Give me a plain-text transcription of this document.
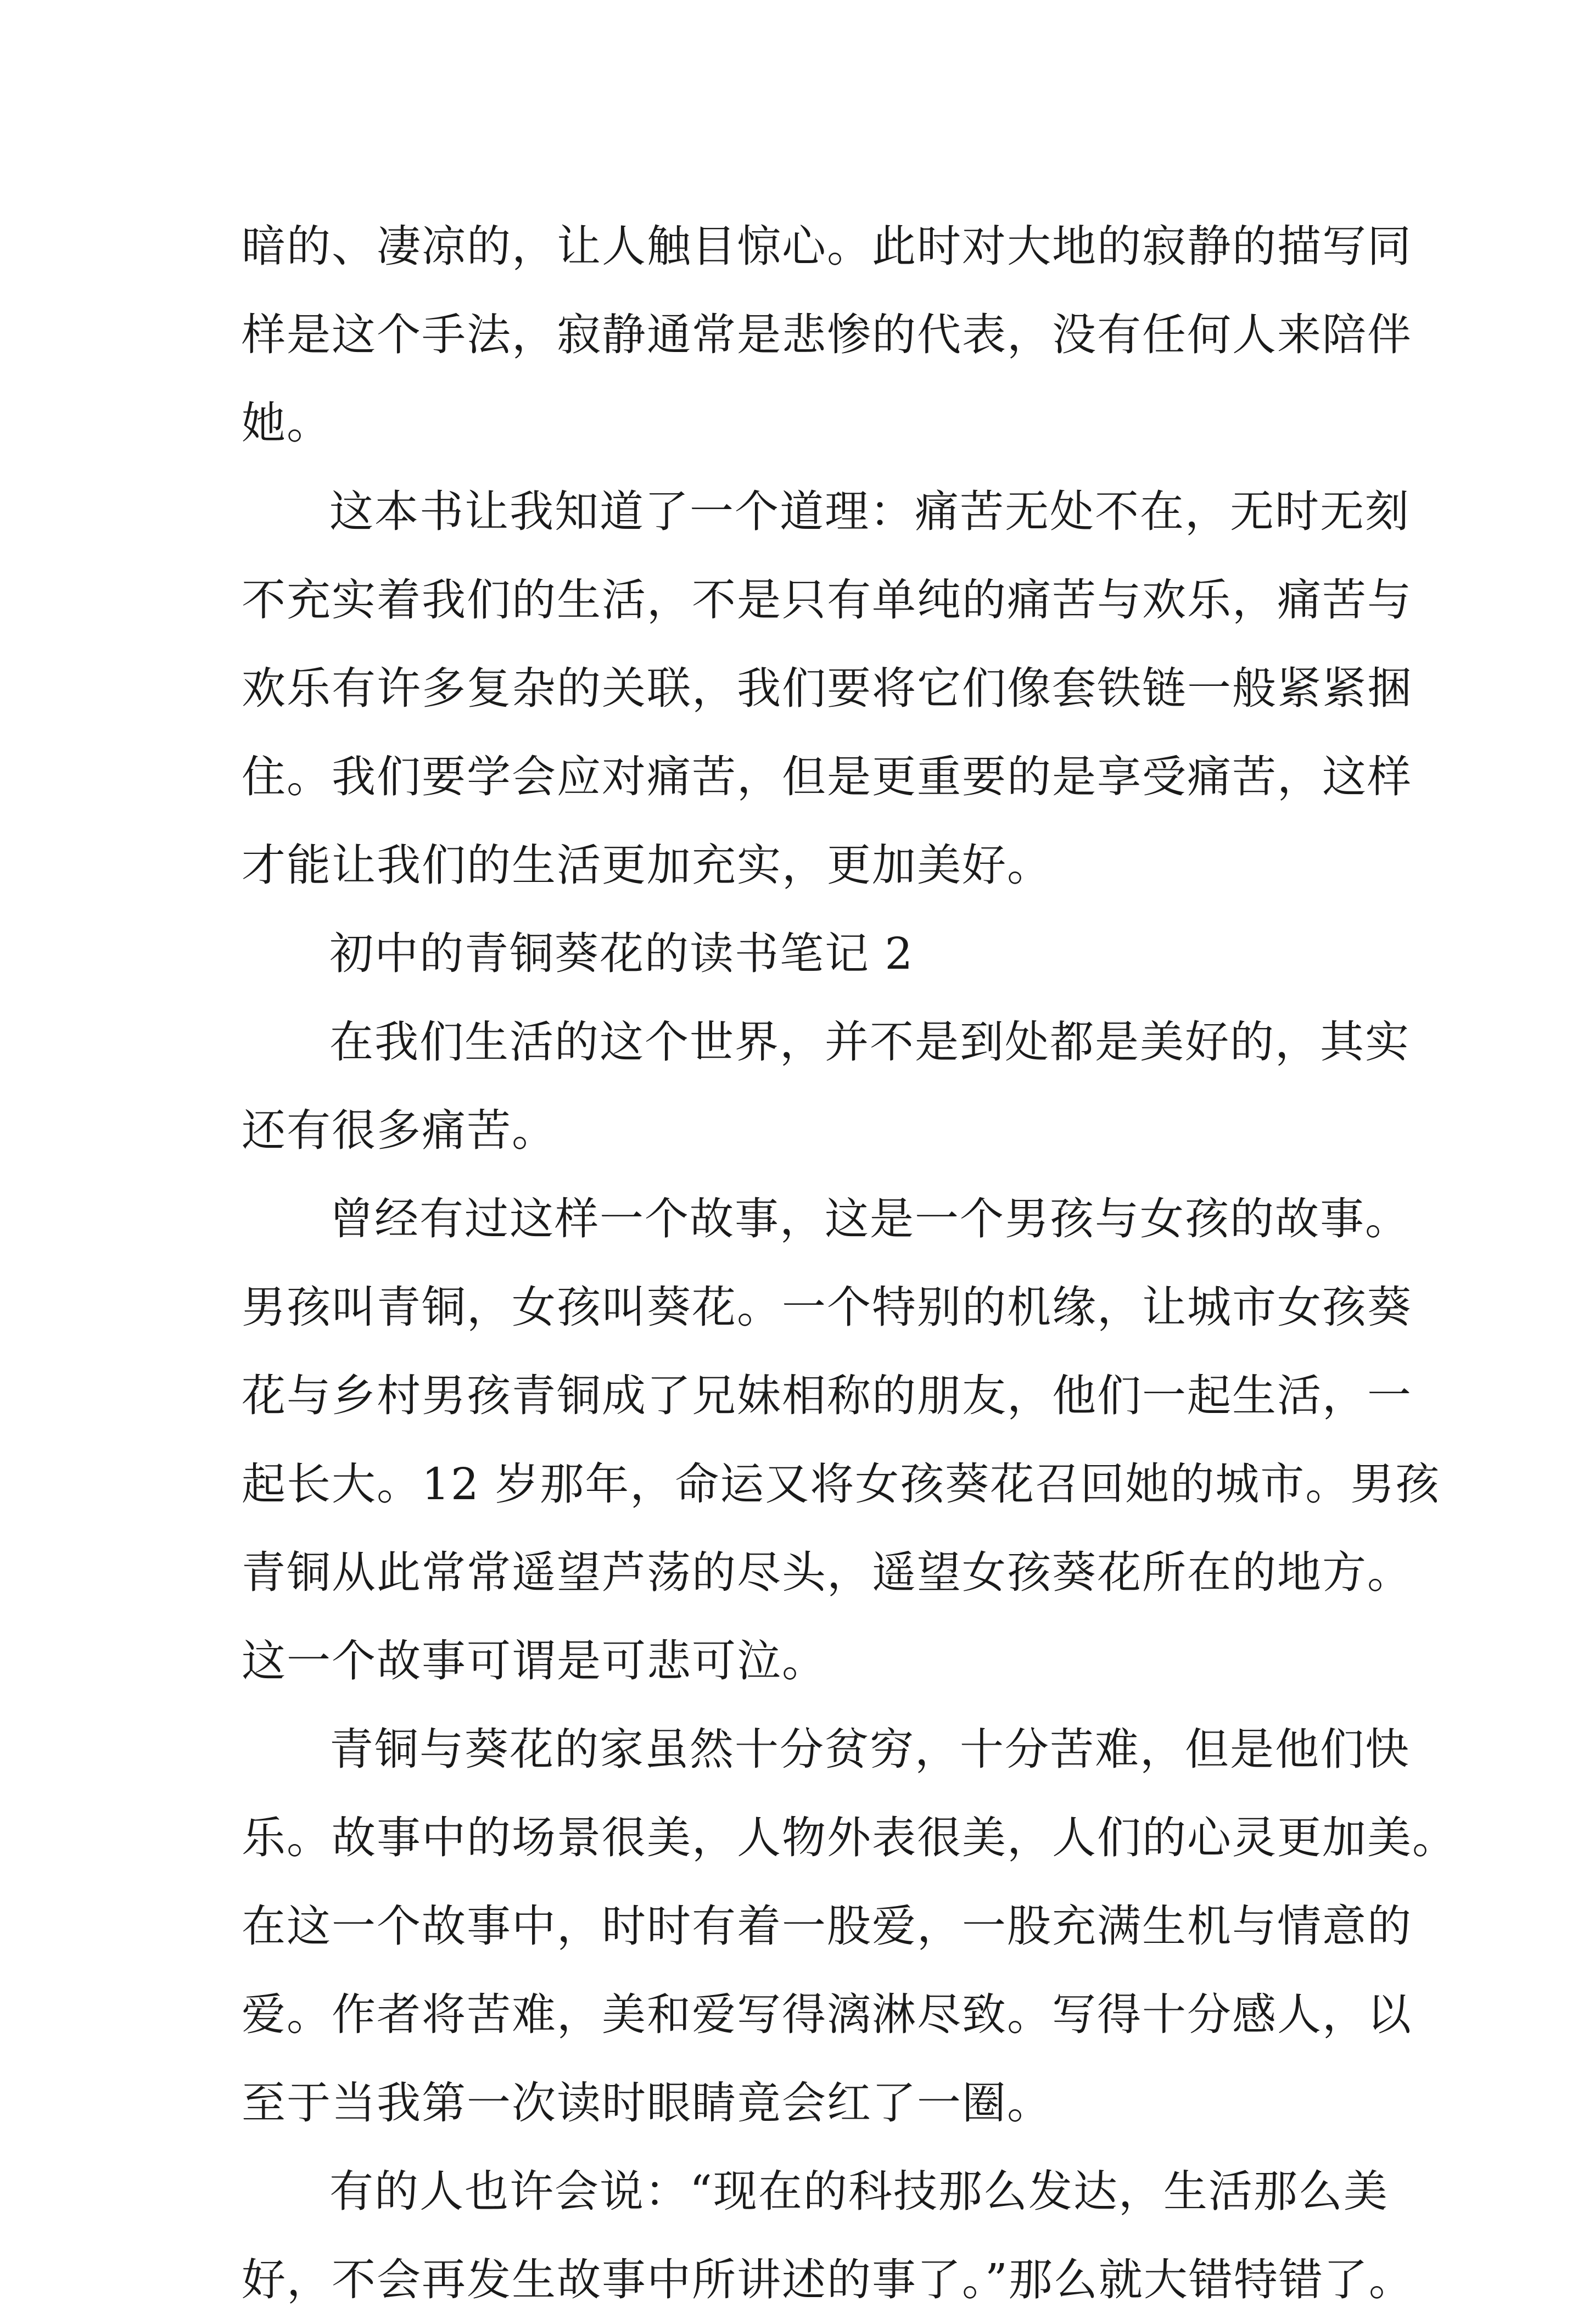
暗的、凄凉的，让人触目惊心。此时对大地的寂静的描写同
样是这个手法，寂静通常是悲惨的代表，没有任何人来陪伴
她。
这本书让我知道了一个道理：痛苦无处不在，无时无刻
不充实着我们的生活，不是只有单纯的痛苦与欢乐，痛苦与
欢乐有许多复杂的关联，我们要将它们像套铁链一般紧紧捆
住。我们要学会应对痛苦，但是更重要的是享受痛苦，这样
才能让我们的生活更加充实，更加美好。
初中的青铜葵花的读书笔记 2
在我们生活的这个世界，并不是到处都是美好的，其实
还有很多痛苦。
曾经有过这样一个故事，这是一个男孩与女孩的故事。
男孩叫青铜，女孩叫葵花。一个特别的机缘，让城市女孩葵
花与乡村男孩青铜成了兄妹相称的朋友，他们一起生活，一
起长大。12 岁那年，命运又将女孩葵花召回她的城市。男孩
青铜从此常常遥望芦荡的尽头，遥望女孩葵花所在的地方。
这一个故事可谓是可悲可泣。
青铜与葵花的家虽然十分贫穷，十分苦难，但是他们快
乐。故事中的场景很美，人物外表很美，人们的心灵更加美。
在这一个故事中，时时有着一股爱，一股充满生机与情意的
爱。作者将苦难，美和爱写得漓淋尽致。写得十分感人，以
至于当我第一次读时眼睛竟会红了一圈。
有的人也许会说：“现在的科技那么发达，生活那么美
好，不会再发生故事中所讲述的事了。”那么就大错特错了。
